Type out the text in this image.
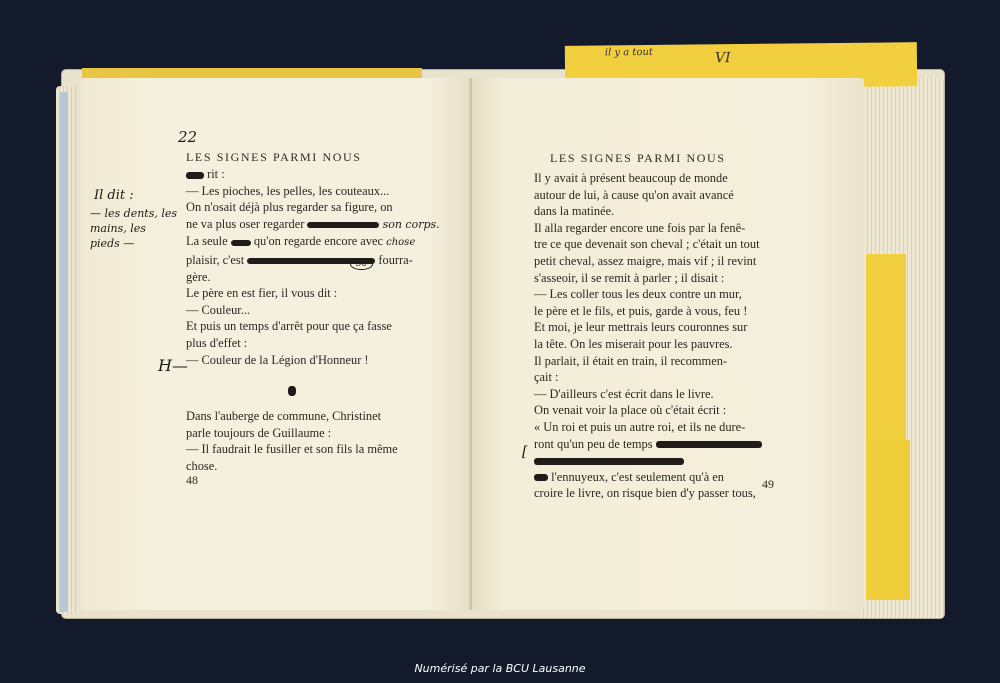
VI
il y a tout
LES SIGNES PARMI NOUS
rit :
— Les pioches, les pelles, les couteaux...
On n'osait déjà plus regarder sa figure, on
ne va plus oser regarder	son corps.
La seule qu'on regarde encore avec chose
plaisir, c'est	fourra-
gère.
Le père en est fier, il vous dit :
— Couleur...
Et puis un temps d'arrêt pour que ça fasse
plus d'effet :
— Couleur de la Légion d'Honneur !
Dans l'auberge de commune, Christinet
parle toujours de Guillaume :
— Il faudrait le fusiller et son fils la même
chose.
48
22
Il dit :
— les dents, les
mains, les
pieds —
50
H—
LES SIGNES PARMI NOUS
Il y avait à présent beaucoup de monde
autour de lui, à cause qu'on avait avancé
dans la matinée.
Il alla regarder encore une fois par la fenê-
tre ce que devenait son cheval ; c'était un tout
petit cheval, assez maigre, mais vif ; il revint
s'asseoir, il se remit à parler ; il disait :
— Les coller tous les deux contre un mur,
le père et le fils, et puis, garde à vous, feu !
Et moi, je leur mettrais leurs couronnes sur
la tête. On les miserait pour les pauvres.
Il parlait, il était en train, il recommen-
çait :
— D'ailleurs c'est écrit dans le livre.
On venait voir la place où c'était écrit :
« Un roi et puis un autre roi, et ils ne dure-
ront qu'un peu de temps
l'ennuyeux, c'est seulement qu'à en
croire le livre, on risque bien d'y passer tous,
[
49
Numérisé par la BCU Lausanne
